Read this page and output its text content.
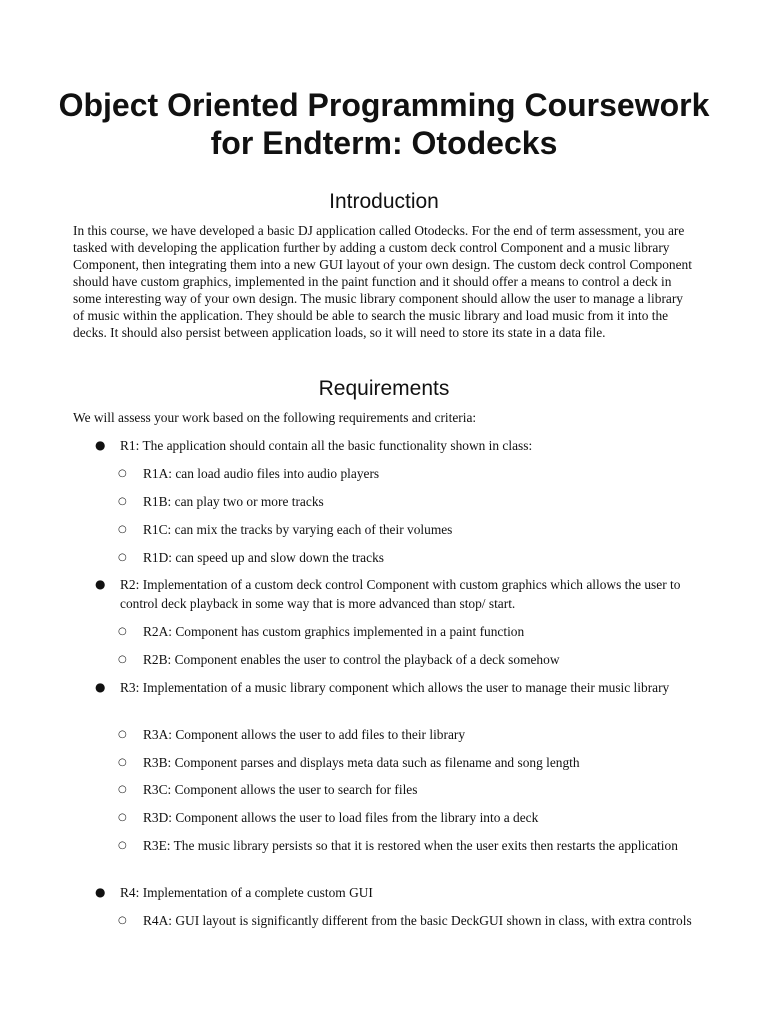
Object Oriented Programming Coursework for Endterm: Otodecks
Introduction

In this course, we have developed a basic DJ application called Otodecks. For the end of term assessment, you are tasked with developing the application further by adding a custom deck control Component and a music library Component, then integrating them into a new GUI layout of your own design. The custom deck control Component should have custom graphics, implemented in the paint function and it should offer a means to control a deck in some interesting way of your own design. The music library component should allow the user to manage a library of music within the application. They should be able to search the music library and load music from it into the decks. It should also persist between application loads, so it will need to store its state in a data file.

Requirements

We will assess your work based on the following requirements and criteria:

● R1: The application should contain all the basic functionality shown in class:
○ R1A: can load audio files into audio players
○ R1B: can play two or more tracks
○ R1C: can mix the tracks by varying each of their volumes
○ R1D: can speed up and slow down the tracks
● R2: Implementation of a custom deck control Component with custom graphics which allows the user to control deck playback in some way that is more advanced than stop/ start.
○ R2A: Component has custom graphics implemented in a paint function
○ R2B: Component enables the user to control the playback of a deck somehow
● R3: Implementation of a music library component which allows the user to manage their music library
○ R3A: Component allows the user to add files to their library
○ R3B: Component parses and displays meta data such as filename and song length
○ R3C: Component allows the user to search for files
○ R3D: Component allows the user to load files from the library into a deck
○ R3E: The music library persists so that it is restored when the user exits then restarts the application
● R4: Implementation of a complete custom GUI
○ R4A: GUI layout is significantly different from the basic DeckGUI shown in class, with extra controls
